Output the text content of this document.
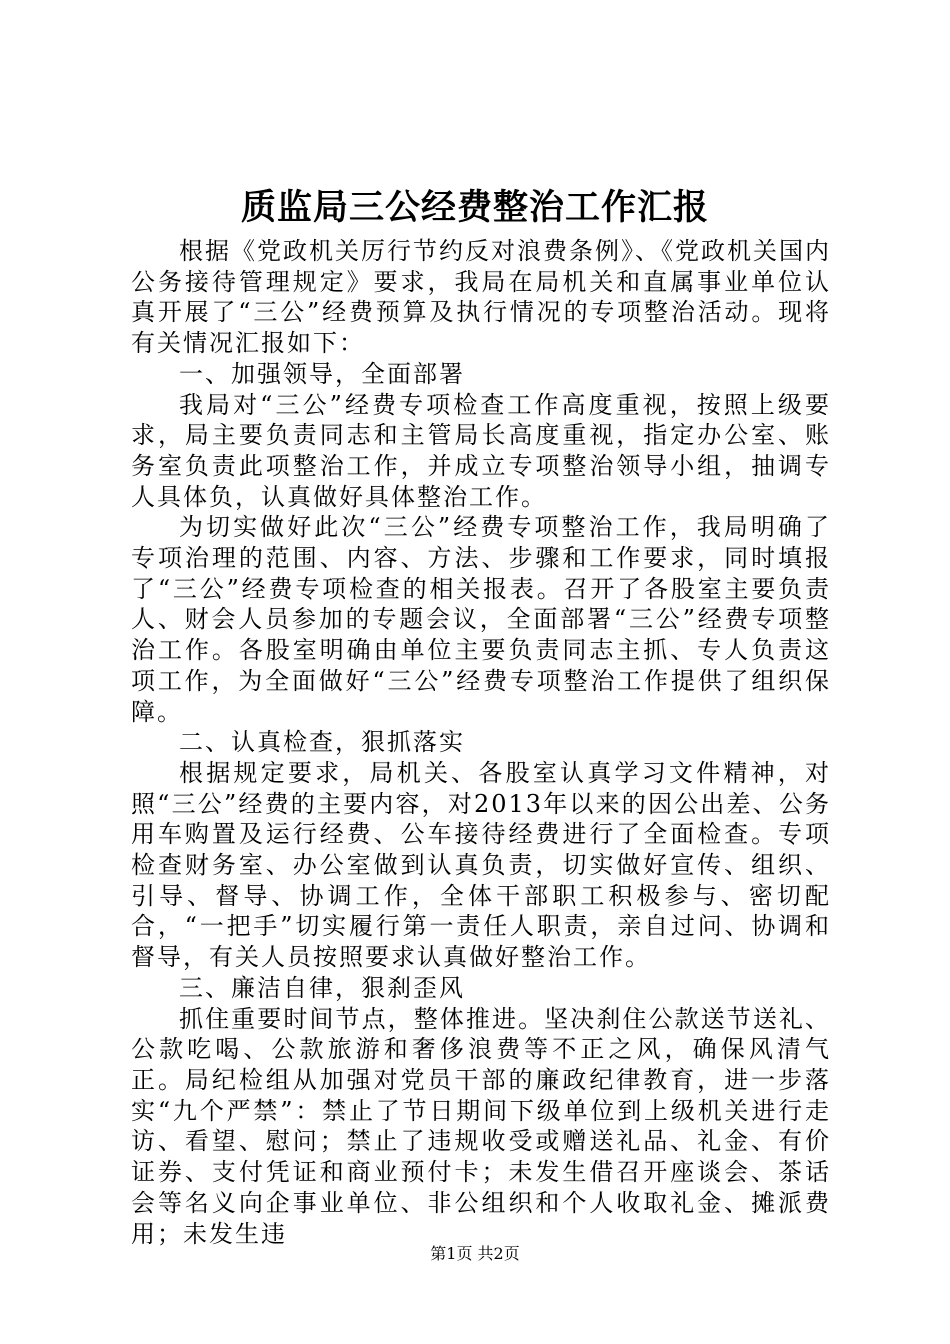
质监局三公经费整治工作汇报

根据《党政机关厉行节约反对浪费条例》、《党政机关国内公务接待管理规定》要求，我局在局机关和直属事业单位认真开展了“三公”经费预算及执行情况的专项整治活动。现将有关情况汇报如下：

一、加强领导，全面部署

我局对“三公”经费专项检查工作高度重视，按照上级要求，局主要负责同志和主管局长高度重视，指定办公室、账务室负责此项整治工作，并成立专项整治领导小组，抽调专人具体负，认真做好具体整治工作。

为切实做好此次“三公”经费专项整治工作，我局明确了专项治理的范围、内容、方法、步骤和工作要求，同时填报了“三公”经费专项检查的相关报表。召开了各股室主要负责人、财会人员参加的专题会议，全面部署“三公”经费专项整治工作。各股室明确由单位主要负责同志主抓、专人负责这项工作，为全面做好“三公”经费专项整治工作提供了组织保障。

二、认真检查，狠抓落实

根据规定要求，局机关、各股室认真学习文件精神，对照“三公”经费的主要内容，对2013年以来的因公出差、公务用车购置及运行经费、公车接待经费进行了全面检查。专项检查财务室、办公室做到认真负责，切实做好宣传、组织、引导、督导、协调工作，全体干部职工积极参与、密切配合，“一把手”切实履行第一责任人职责，亲自过问、协调和督导，有关人员按照要求认真做好整治工作。

三、廉洁自律，狠刹歪风

抓住重要时间节点，整体推进。坚决刹住公款送节送礼、公款吃喝、公款旅游和奢侈浪费等不正之风，确保风清气正。局纪检组从加强对党员干部的廉政纪律教育，进一步落实“九个严禁”：禁止了节日期间下级单位到上级机关进行走访、看望、慰问；禁止了违规收受或赠送礼品、礼金、有价证券、支付凭证和商业预付卡；未发生借召开座谈会、茶话会等名义向企事业单位、非公组织和个人收取礼金、摊派费用；未发生违

第1页 共2页
